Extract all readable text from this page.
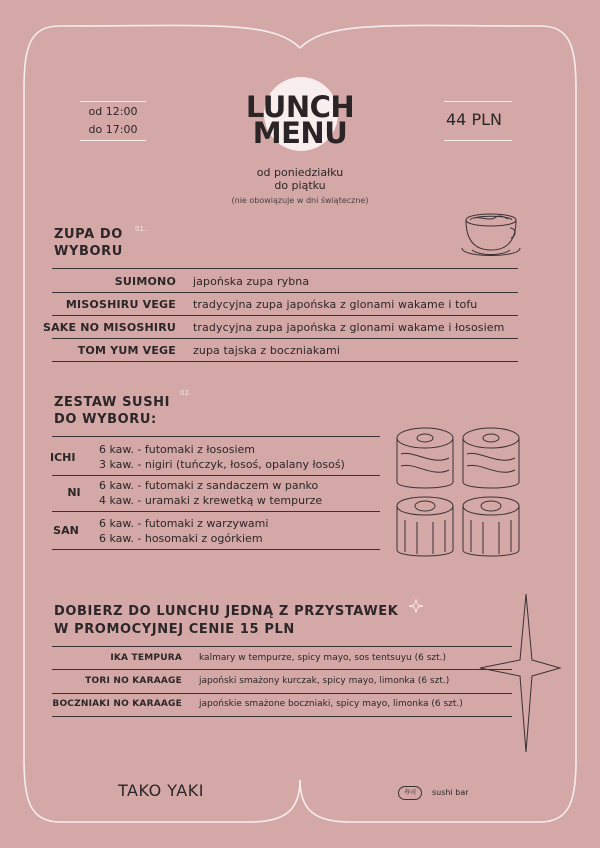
od 12:00
do 17:00
LUNCH
MENU	44 PLN
od poniedziałku
do piątku
(nie obowiązuje w dni świąteczne)
ZUPA DO 01.
WYBORU
SUIMONO japońska zupa rybna
MISOSHIRU VEGE tradycyjna zupa japońska z glonami wakame i tofu
SAKE NO MISOSHIRU tradycyjna zupa japońska z glonami wakame i łososiem
TOM YUM VEGE zupa tajska z boczniakami
ZESTAW SUSHI
02.
DO WYBORU:
ICHI
6 kaw. - futomaki z łososiem
3 kaw. - nigiri (tuńczyk, łosoś, opalany łosoś)
NI
6 kaw. - futomaki z sandaczem w panko
4 kaw. - uramaki z krewetką w tempurze
SAN
6 kaw. - futomaki z warzywami
6 kaw. - hosomaki z ogórkiem
DOBIERZ DO LUNCHU JEDNĄ Z PRZYSTAWEK
W PROMOCYJNEJ CENIE 15 PLN
IKA TEMPURA kalmary w tempurze, spicy mayo, sos tentsuyu (6 szt.)
TORI NO KARAAGE japoński smażony kurczak, spicy mayo, limonka (6 szt.)
BOCZNIAKI NO KARAAGE japońskie smażone boczniaki, spicy mayo, limonka (6 szt.)
TAKO YAKI	寿司	sushi bar
